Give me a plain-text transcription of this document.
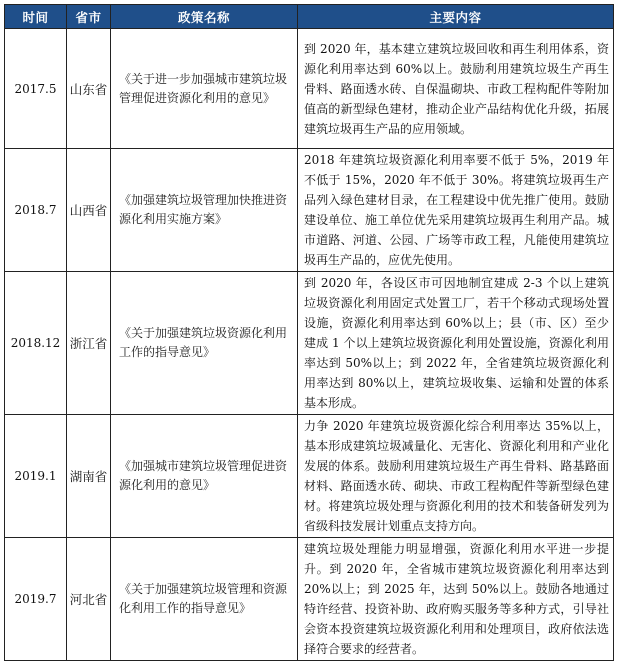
时间	省市	政策名称	主要内容
2017.5	山东省	《关于进一步加强城市建筑垃圾管理促进资源化利用的意见》	到 2020 年，基本建立建筑垃圾回收和再生利用体系，资源化利用率达到 60%以上。鼓励利用建筑垃圾生产再生骨料、路面透水砖、自保温砌块、市政工程构配件等附加值高的新型绿色建材，推动企业产品结构优化升级，拓展建筑垃圾再生产品的应用领域。
2018.7	山西省	《加强建筑垃圾管理加快推进资源化利用实施方案》	2018 年建筑垃圾资源化利用率要不低于 5%，2019 年不低于 15%，2020 年不低于 30%。将建筑垃圾再生产品列入绿色建材目录，在工程建设中优先推广使用。鼓励建设单位、施工单位优先采用建筑垃圾再生利用产品。城市道路、河道、公园、广场等市政工程，凡能使用建筑垃圾再生产品的，应优先使用。
2018.12	浙江省	《关于加强建筑垃圾资源化利用工作的指导意见》	到 2020 年，各设区市可因地制宜建成 2-3 个以上建筑垃圾资源化利用固定式处置工厂，若干个移动式现场处置设施，资源化利用率达到 60%以上；县（市、区）至少建成 1 个以上建筑垃圾资源化利用处置设施，资源化利用率达到 50%以上；到 2022 年，全省建筑垃圾资源化利用率达到 80%以上，建筑垃圾收集、运输和处置的体系基本形成。
2019.1	湖南省	《加强城市建筑垃圾管理促进资源化利用的意见》	力争 2020 年建筑垃圾资源化综合利用率达 35%以上，基本形成建筑垃圾减量化、无害化、资源化利用和产业化发展的体系。鼓励利用建筑垃圾生产再生骨料、路基路面材料、路面透水砖、砌块、市政工程构配件等新型绿色建材。将建筑垃圾处理与资源化利用的技术和装备研发列为省级科技发展计划重点支持方向。
2019.7	河北省	《关于加强建筑垃圾管理和资源化利用工作的指导意见》	建筑垃圾处理能力明显增强，资源化利用水平进一步提升。到 2020 年，全省城市建筑垃圾资源化利用率达到 20%以上；到 2025 年，达到 50%以上。鼓励各地通过特许经营、投资补助、政府购买服务等多种方式，引导社会资本投资建筑垃圾资源化利用和处理项目，政府依法选择符合要求的经营者。
